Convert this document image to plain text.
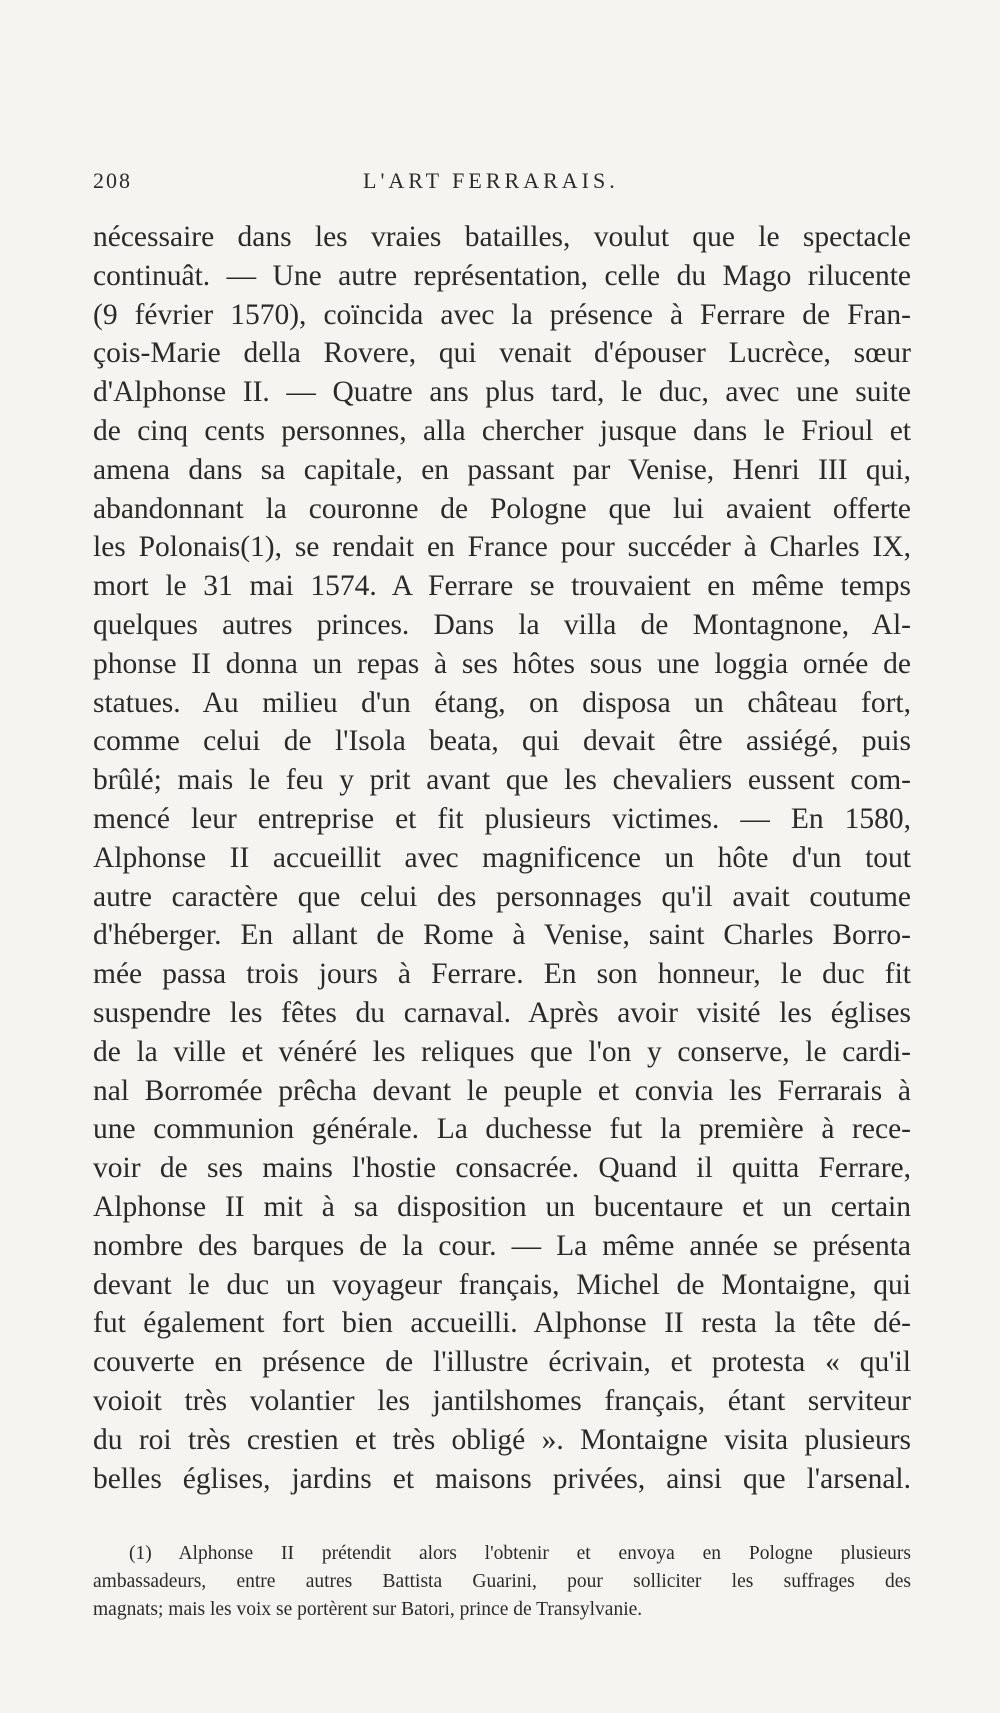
208	L'ART FERRARAIS.
nécessaire dans les vraies batailles, voulut que le spectacle
continuât. — Une autre représentation, celle du Mago rilucente
(9 février 1570), coïncida avec la présence à Ferrare de Fran-
çois-Marie della Rovere, qui venait d'épouser Lucrèce, sœur
d'Alphonse II. — Quatre ans plus tard, le duc, avec une suite
de cinq cents personnes, alla chercher jusque dans le Frioul et
amena dans sa capitale, en passant par Venise, Henri III qui,
abandonnant la couronne de Pologne que lui avaient offerte
les Polonais(1), se rendait en France pour succéder à Charles IX,
mort le 31 mai 1574. A Ferrare se trouvaient en même temps
quelques autres princes. Dans la villa de Montagnone, Al-
phonse II donna un repas à ses hôtes sous une loggia ornée de
statues. Au milieu d'un étang, on disposa un château fort,
comme celui de l'Isola beata, qui devait être assiégé, puis
brûlé; mais le feu y prit avant que les chevaliers eussent com-
mencé leur entreprise et fit plusieurs victimes. — En 1580,
Alphonse II accueillit avec magnificence un hôte d'un tout
autre caractère que celui des personnages qu'il avait coutume
d'héberger. En allant de Rome à Venise, saint Charles Borro-
mée passa trois jours à Ferrare. En son honneur, le duc fit
suspendre les fêtes du carnaval. Après avoir visité les églises
de la ville et vénéré les reliques que l'on y conserve, le cardi-
nal Borromée prêcha devant le peuple et convia les Ferrarais à
une communion générale. La duchesse fut la première à rece-
voir de ses mains l'hostie consacrée. Quand il quitta Ferrare,
Alphonse II mit à sa disposition un bucentaure et un certain
nombre des barques de la cour. — La même année se présenta
devant le duc un voyageur français, Michel de Montaigne, qui
fut également fort bien accueilli. Alphonse II resta la tête dé-
couverte en présence de l'illustre écrivain, et protesta « qu'il
voioit très volantier les jantilshomes français, étant serviteur
du roi très crestien et très obligé ». Montaigne visita plusieurs
belles églises, jardins et maisons privées, ainsi que l'arsenal.
(1) Alphonse II prétendit alors l'obtenir et envoya en Pologne plusieurs
ambassadeurs, entre autres Battista Guarini, pour solliciter les suffrages des
magnats; mais les voix se portèrent sur Batori, prince de Transylvanie.
